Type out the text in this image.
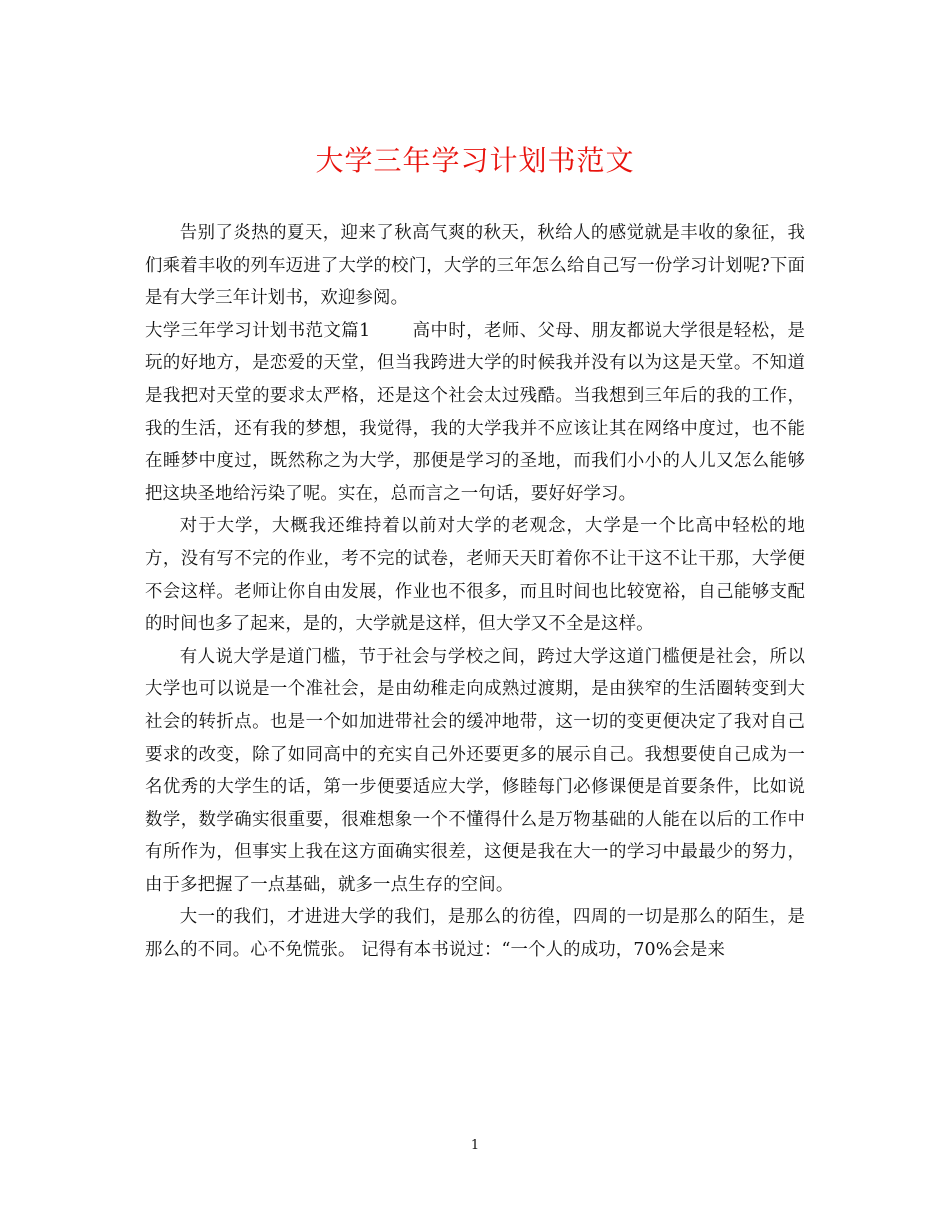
大学三年学习计划书范文

告别了炎热的夏天，迎来了秋高气爽的秋天，秋给人的感觉就是丰收的象征，我们乘着丰收的列车迈进了大学的校门，大学的三年怎么给自己写一份学习计划呢?下面是有大学三年计划书，欢迎参阅。

大学三年学习计划书范文篇1 高中时，老师、父母、朋友都说大学很是轻松，是玩的好地方，是恋爱的天堂，但当我跨进大学的时候我并没有以为这是天堂。不知道是我把对天堂的要求太严格，还是这个社会太过残酷。当我想到三年后的我的工作，我的生活，还有我的梦想，我觉得，我的大学我并不应该让其在网络中度过，也不能在睡梦中度过，既然称之为大学，那便是学习的圣地，而我们小小的人儿又怎么能够把这块圣地给污染了呢。实在，总而言之一句话，要好好学习。

对于大学，大概我还维持着以前对大学的老观念，大学是一个比高中轻松的地方，没有写不完的作业，考不完的试卷，老师天天盯着你不让干这不让干那，大学便不会这样。老师让你自由发展，作业也不很多，而且时间也比较宽裕，自己能够支配的时间也多了起来，是的，大学就是这样，但大学又不全是这样。

有人说大学是道门槛，节于社会与学校之间，跨过大学这道门槛便是社会，所以大学也可以说是一个准社会，是由幼稚走向成熟过渡期，是由狭窄的生活圈转变到大社会的转折点。也是一个如加进带社会的缓冲地带，这一切的变更便决定了我对自己要求的改变，除了如同高中的充实自己外还要更多的展示自己。我想要使自己成为一名优秀的大学生的话，第一步便要适应大学，修睦每门必修课便是首要条件，比如说数学，数学确实很重要，很难想象一个不懂得什么是万物基础的人能在以后的工作中有所作为，但事实上我在这方面确实很差，这便是我在大一的学习中最最少的努力，由于多把握了一点基础，就多一点生存的空间。

大一的我们，才进进大学的我们，是那么的彷徨，四周的一切是那么的陌生，是那么的不同。心不免慌张。 记得有本书说过：“一个人的成功，70%会是来

1
